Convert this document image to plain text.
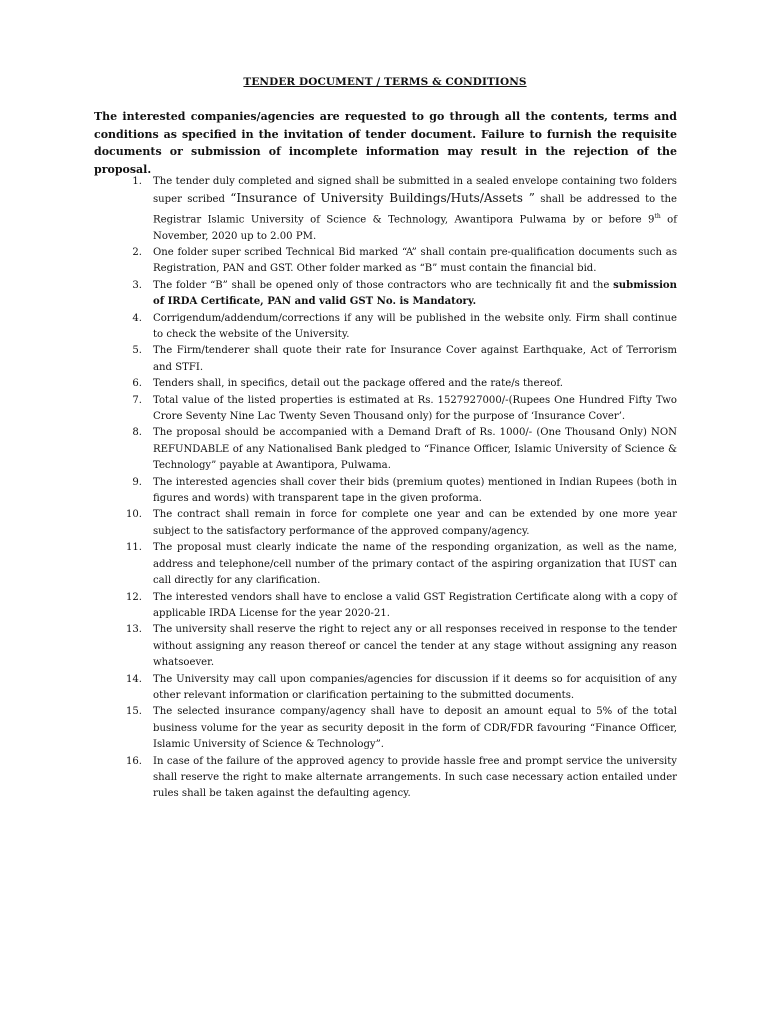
TENDER DOCUMENT / TERMS & CONDITIONS
The interested companies/agencies are requested to go through all the contents, terms and conditions as specified in the invitation of tender document. Failure to furnish the requisite documents or submission of incomplete information may result in the rejection of the proposal.
1. The tender duly completed and signed shall be submitted in a sealed envelope containing two folders super scribed “Insurance of University Buildings/Huts/Assets ” shall be addressed to the Registrar Islamic University of Science & Technology, Awantipora Pulwama by or before 9th of November, 2020 up to 2.00 PM.
2. One folder super scribed Technical Bid marked “A” shall contain pre-qualification documents such as Registration, PAN and GST. Other folder marked as “B” must contain the financial bid.
3. The folder “B” shall be opened only of those contractors who are technically fit and the submission of IRDA Certificate, PAN and valid GST No. is Mandatory.
4. Corrigendum/addendum/corrections if any will be published in the website only. Firm shall continue to check the website of the University.
5. The Firm/tenderer shall quote their rate for Insurance Cover against Earthquake, Act of Terrorism and STFI.
6. Tenders shall, in specifics, detail out the package offered and the rate/s thereof.
7. Total value of the listed properties is estimated at Rs. 1527927000/-(Rupees One Hundred Fifty Two Crore Seventy Nine Lac Twenty Seven Thousand only) for the purpose of ‘Insurance Cover’.
8. The proposal should be accompanied with a Demand Draft of Rs. 1000/- (One Thousand Only) NON REFUNDABLE of any Nationalised Bank pledged to “Finance Officer, Islamic University of Science & Technology” payable at Awantipora, Pulwama.
9. The interested agencies shall cover their bids (premium quotes) mentioned in Indian Rupees (both in figures and words) with transparent tape in the given proforma.
10. The contract shall remain in force for complete one year and can be extended by one more year subject to the satisfactory performance of the approved company/agency.
11. The proposal must clearly indicate the name of the responding organization, as well as the name, address and telephone/cell number of the primary contact of the aspiring organization that IUST can call directly for any clarification.
12. The interested vendors shall have to enclose a valid GST Registration Certificate along with a copy of applicable IRDA License for the year 2020-21.
13. The university shall reserve the right to reject any or all responses received in response to the tender without assigning any reason thereof or cancel the tender at any stage without assigning any reason whatsoever.
14. The University may call upon companies/agencies for discussion if it deems so for acquisition of any other relevant information or clarification pertaining to the submitted documents.
15. The selected insurance company/agency shall have to deposit an amount equal to 5% of the total business volume for the year as security deposit in the form of CDR/FDR favouring “Finance Officer, Islamic University of Science & Technology”.
16. In case of the failure of the approved agency to provide hassle free and prompt service the university shall reserve the right to make alternate arrangements. In such case necessary action entailed under rules shall be taken against the defaulting agency.
